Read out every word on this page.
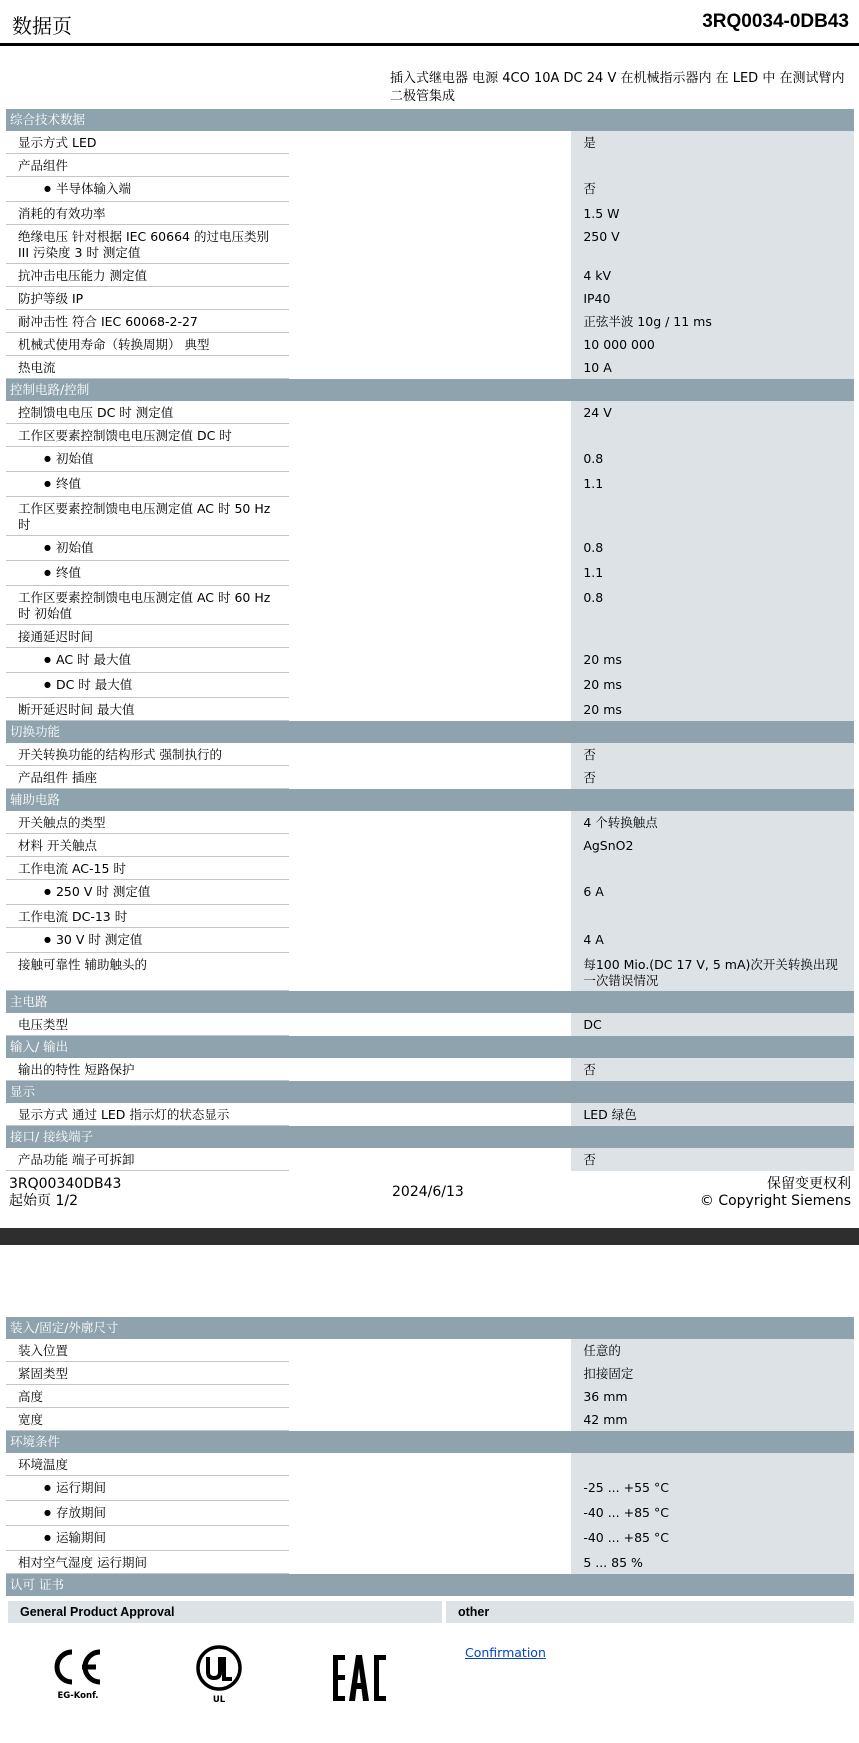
数据页	3RQ0034-0DB43
插入式继电器 电源 4CO 10A DC 24 V 在机械指示器内 在 LED 中 在测试臂内 二极管集成
综合技术数据		
显示方式 LED		是
产品组件		
● 半导体输入端		否
消耗的有效功率		1.5 W
绝缘电压 针对根据 IEC 60664 的过电压类别 III 污染度 3 时 测定值		250 V
抗冲击电压能力 测定值		4 kV
防护等级 IP		IP40
耐冲击性 符合 IEC 60068-2-27		正弦半波 10g / 11 ms
机械式使用寿命（转换周期） 典型		10 000 000
热电流		10 A
控制电路/控制		
控制馈电电压 DC 时 测定值		24 V
工作区要素控制馈电电压测定值 DC 时		
● 初始值		0.8
● 终值		1.1
工作区要素控制馈电电压测定值 AC 时 50 Hz 时		
● 初始值		0.8
● 终值		1.1
工作区要素控制馈电电压测定值 AC 时 60 Hz 时 初始值		0.8
接通延迟时间		
● AC 时 最大值		20 ms
● DC 时 最大值		20 ms
断开延迟时间 最大值		20 ms
切换功能		
开关转换功能的结构形式 强制执行的		否
产品组件 插座		否
辅助电路		
开关触点的类型		4 个转换触点
材料 开关触点		AgSnO2
工作电流 AC-15 时		
● 250 V 时 测定值		6 A
工作电流 DC-13 时		
● 30 V 时 测定值		4 A
接触可靠性 辅助触头的		每100 Mio.(DC 17 V, 5 mA)次开关转换出现一次错误情况
主电路		
电压类型		DC
输入/ 输出		
输出的特性 短路保护		否
显示		
显示方式 通过 LED 指示灯的状态显示		LED 绿色
接口/ 接线端子		
产品功能 端子可拆卸		否
3RQ00340DB43
起始页 1/2
2024/6/13	保留变更权利
© Copyright Siemens
装入/固定/外廓尺寸		
装入位置		任意的
紧固类型		扣接固定
高度		36 mm
宽度		42 mm
环境条件		
环境温度		
● 运行期间		-25 ... +55 °C
● 存放期间		-40 ... +85 °C
● 运输期间		-40 ... +85 °C
相对空气湿度 运行期间		5 ... 85 %
认可 证书		
General Product Approval	other
EG-Konf.	UL
Confirmation
